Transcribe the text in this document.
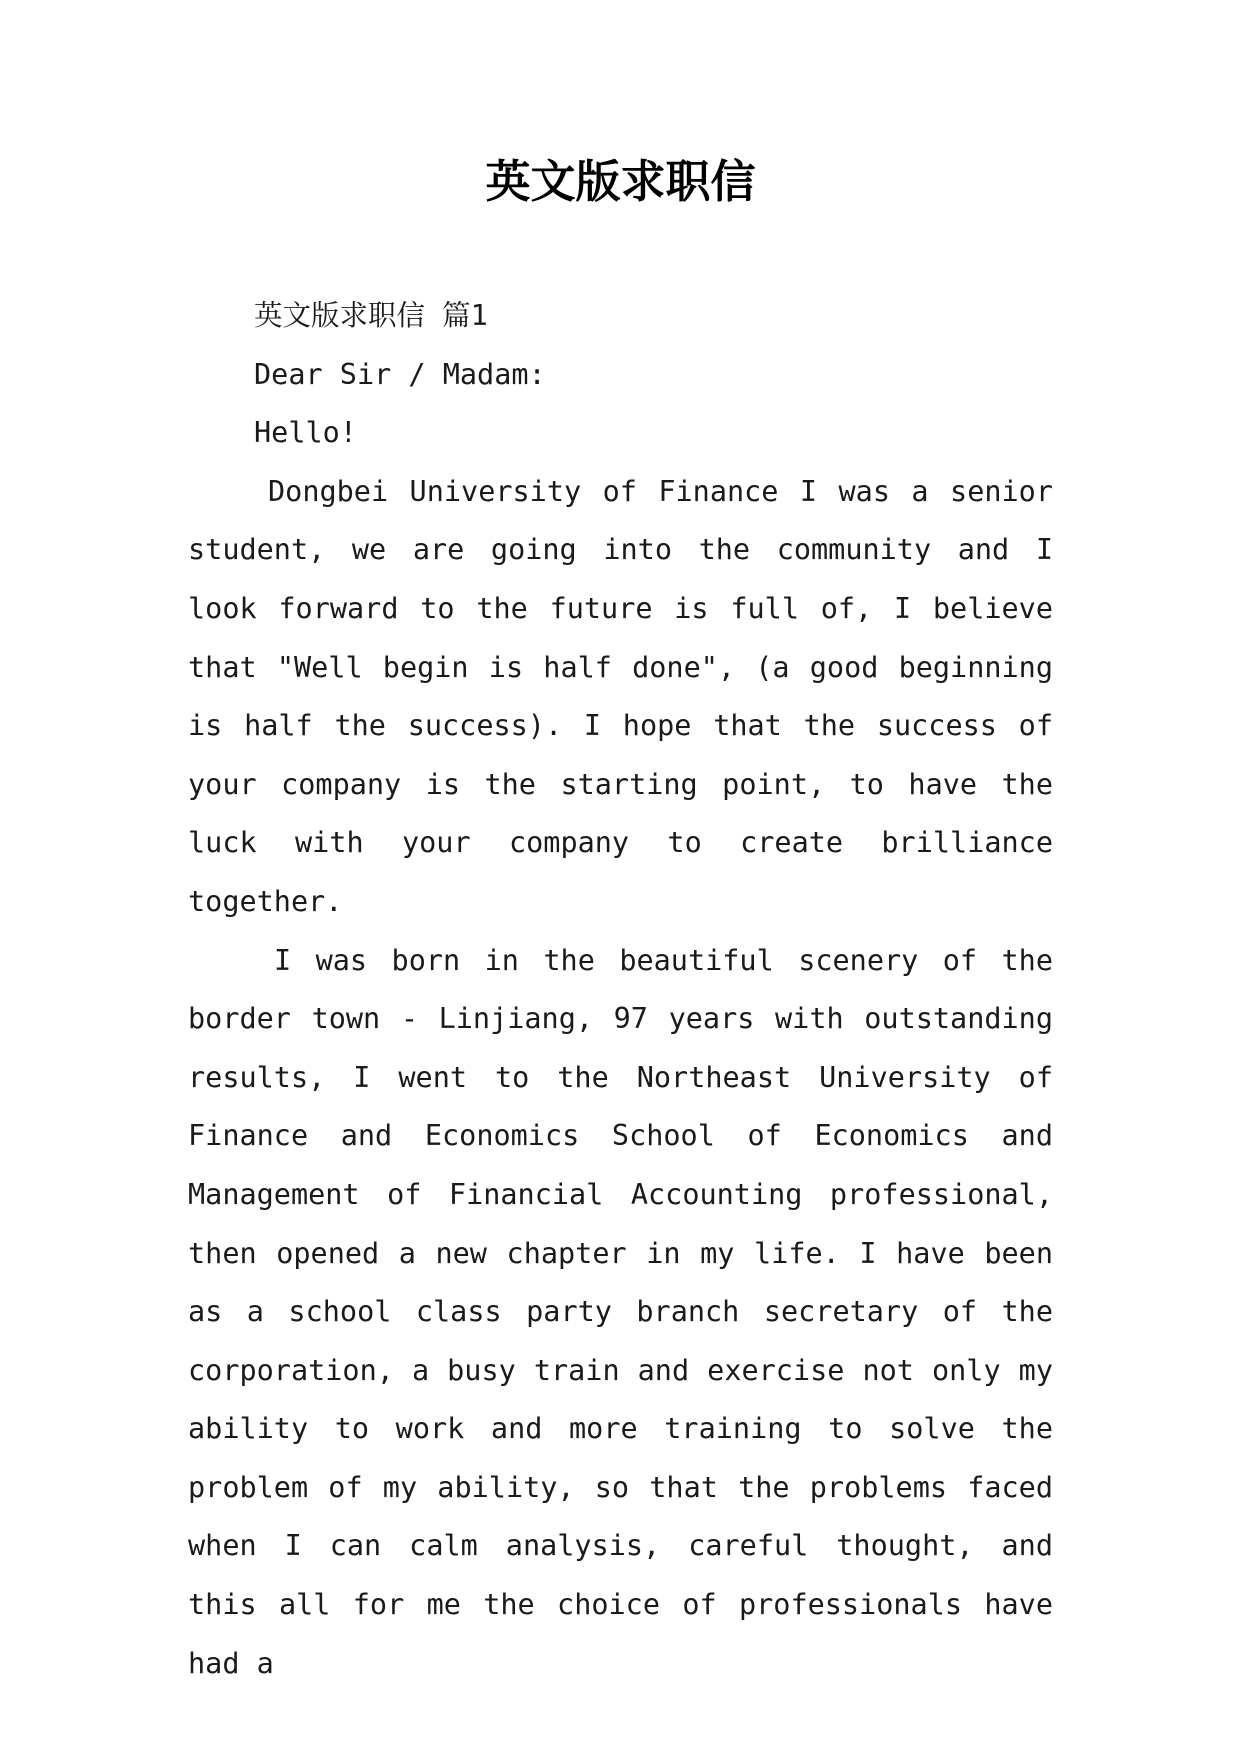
英文版求职信
英文版求职信 篇1
Dear Sir / Madam:
Hello!

Dongbei University of Finance I was a senior student, we are going into the community and I look forward to the future is full of, I believe that "Well begin is half done", (a good beginning is half the success). I hope that the success of your company is the starting point, to have the luck with your company to create brilliance together.

I was born in the beautiful scenery of the border town - Linjiang, 97 years with outstanding results, I went to the Northeast University of Finance and Economics School of Economics and Management of Financial Accounting professional, then opened a new chapter in my life. I have been as a school class party branch secretary of the corporation, a busy train and exercise not only my ability to work and more training to solve the problem of my ability, so that the problems faced when I can calm analysis, careful thought, and this all for me the choice of professionals have had a
